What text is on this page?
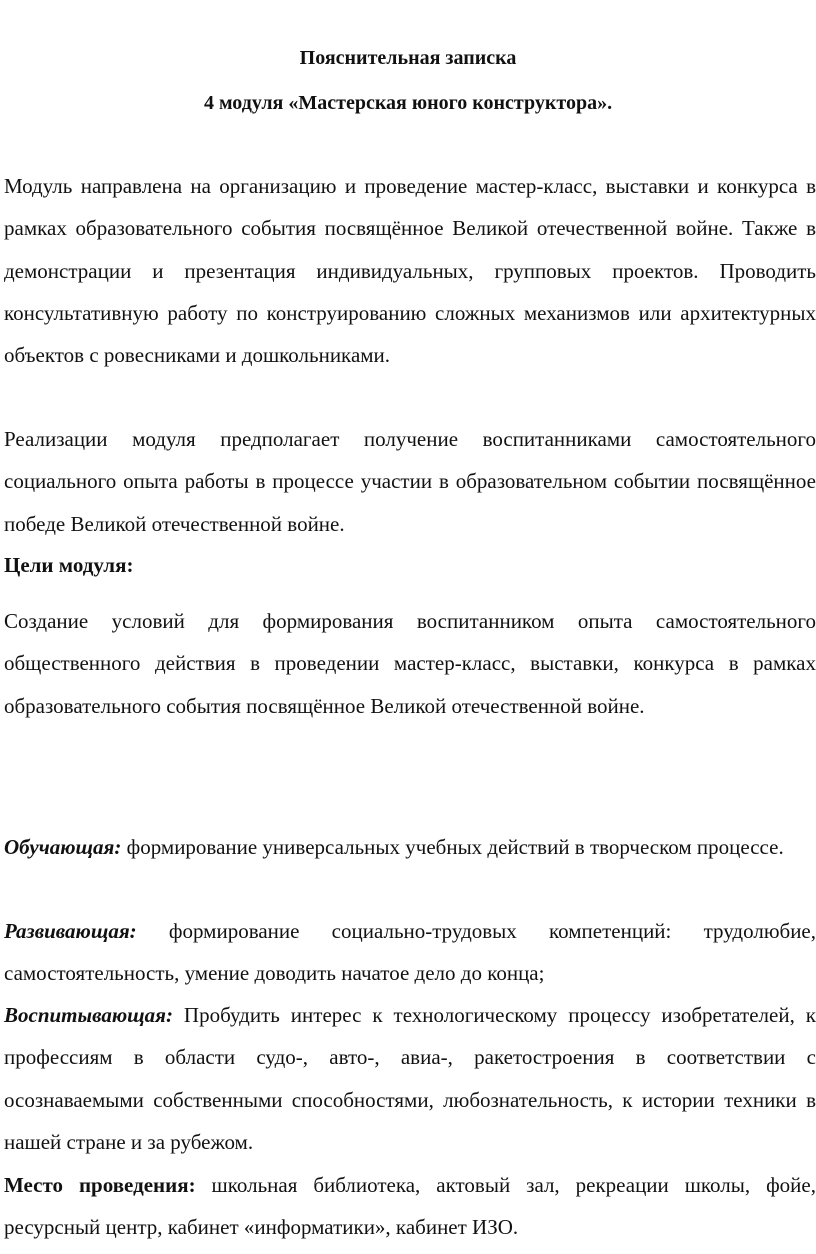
Пояснительная записка
4 модуля «Мастерская юного конструктора».
Модуль направлена на организацию и проведение мастер-класс, выставки и конкурса в рамках образовательного события посвящённое Великой отечественной войне. Также в демонстрации и презентация индивидуальных, групповых проектов. Проводить консультативную работу по конструированию сложных механизмов или архитектурных объектов с ровесниками и дошкольниками.
Реализации модуля предполагает получение воспитанниками самостоятельного социального опыта работы в процессе участии в образовательном событии посвящённое победе Великой отечественной войне.
Цели модуля:
Создание условий для формирования воспитанником опыта самостоятельного общественного действия в проведении мастер-класс, выставки, конкурса в рамках образовательного события посвящённое Великой отечественной войне.
Обучающая: формирование универсальных учебных действий в творческом процессе.
Развивающая: формирование социально-трудовых компетенций: трудолюбие, самостоятельность, умение доводить начатое дело до конца;
Воспитывающая: Пробудить интерес к технологическому процессу изобретателей, к профессиям в области судо-, авто-, авиа-, ракетостроения в соответствии с осознаваемыми собственными способностями, любознательность, к истории техники в нашей стране и за рубежом.
Место проведения: школьная библиотека, актовый зал, рекреации школы, фойе, ресурсный центр, кабинет «информатики», кабинет ИЗО.
